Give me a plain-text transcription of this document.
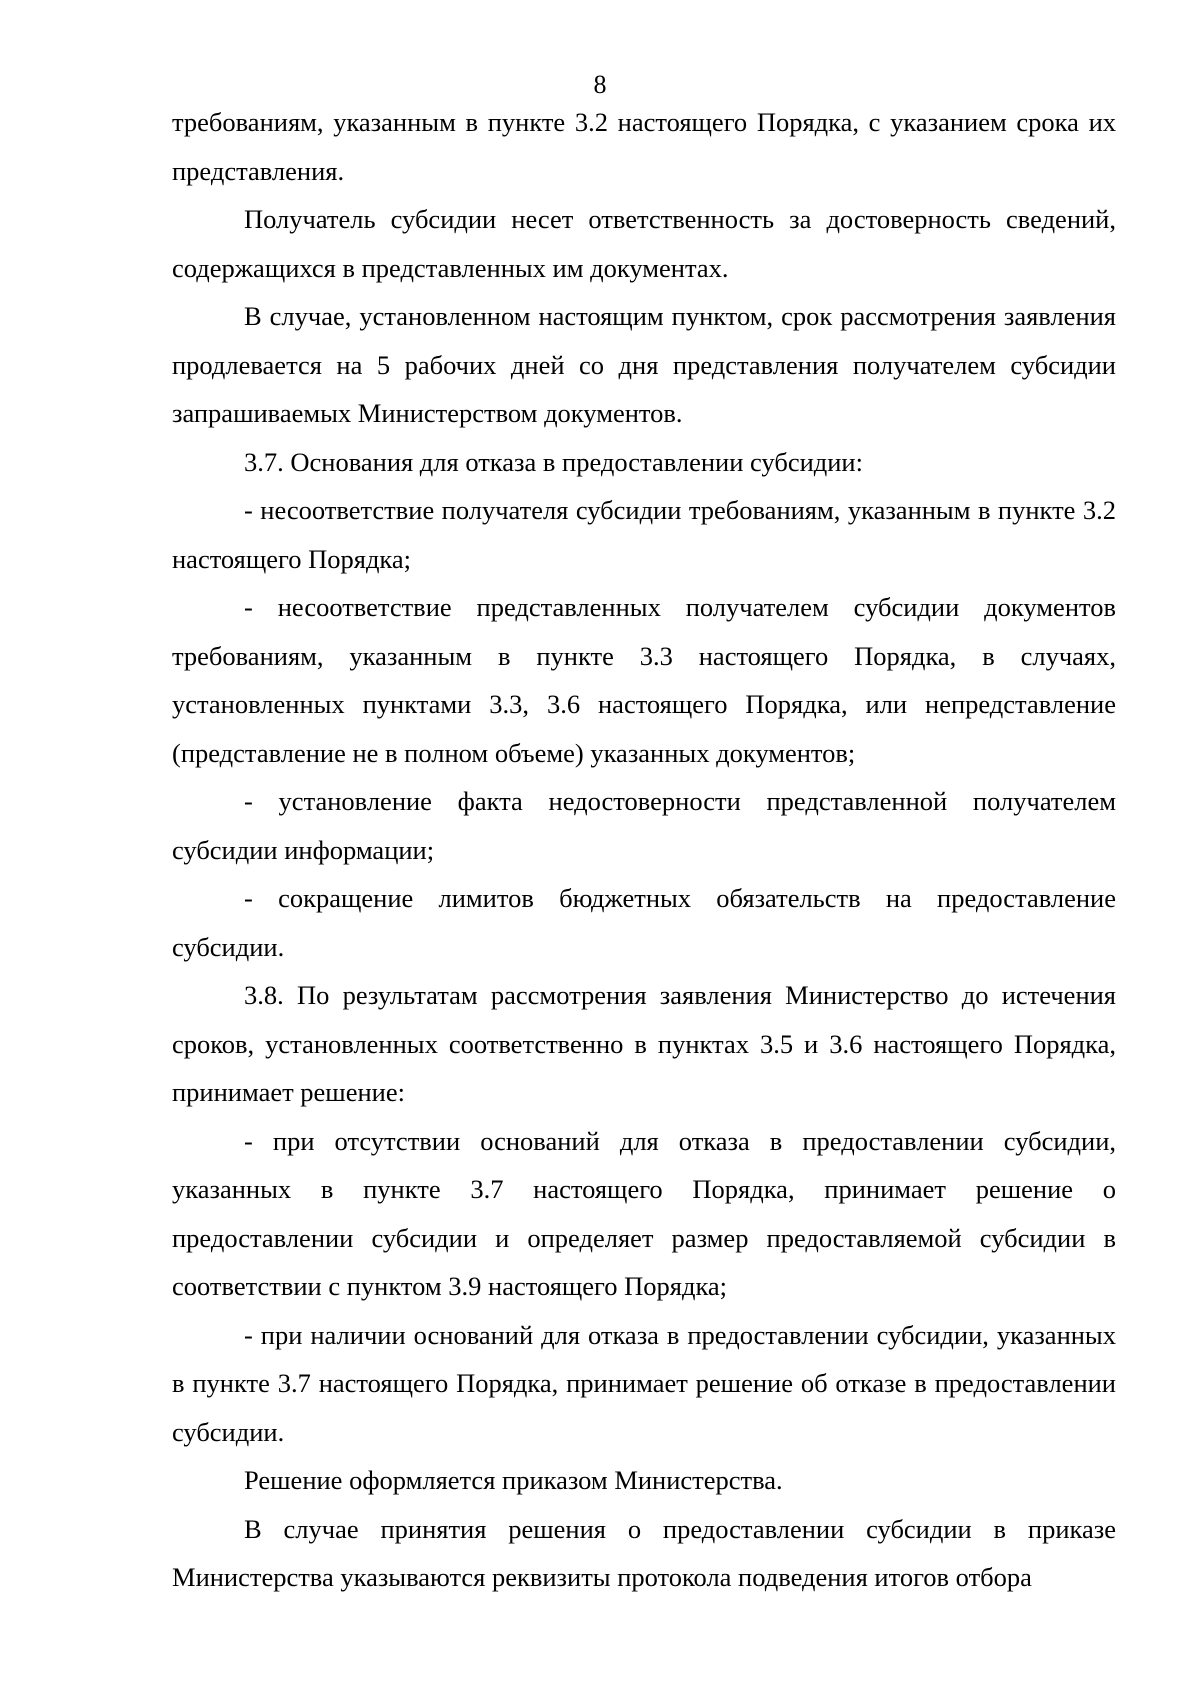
8

требованиям, указанным в пункте 3.2 настоящего Порядка, с указанием срока их представления.

Получатель субсидии несет ответственность за достоверность сведений, содержащихся в представленных им документах.

В случае, установленном настоящим пунктом, срок рассмотрения заявления продлевается на 5 рабочих дней со дня представления получателем субсидии запрашиваемых Министерством документов.

3.7. Основания для отказа в предоставлении субсидии:

- несоответствие получателя субсидии требованиям, указанным в пункте 3.2 настоящего Порядка;

- несоответствие представленных получателем субсидии документов требованиям, указанным в пункте 3.3 настоящего Порядка, в случаях, установленных пунктами 3.3, 3.6 настоящего Порядка, или непредставление (представление не в полном объеме) указанных документов;

- установление факта недостоверности представленной получателем субсидии информации;

- сокращение лимитов бюджетных обязательств на предоставление субсидии.

3.8. По результатам рассмотрения заявления Министерство до истечения сроков, установленных соответственно в пунктах 3.5 и 3.6 настоящего Порядка, принимает решение:

- при отсутствии оснований для отказа в предоставлении субсидии, указанных в пункте 3.7 настоящего Порядка, принимает решение о предоставлении субсидии и определяет размер предоставляемой субсидии в соответствии с пунктом 3.9 настоящего Порядка;

- при наличии оснований для отказа в предоставлении субсидии, указанных в пункте 3.7 настоящего Порядка, принимает решение об отказе в предоставлении субсидии.

Решение оформляется приказом Министерства.

В случае принятия решения о предоставлении субсидии в приказе Министерства указываются реквизиты протокола подведения итогов отбора
